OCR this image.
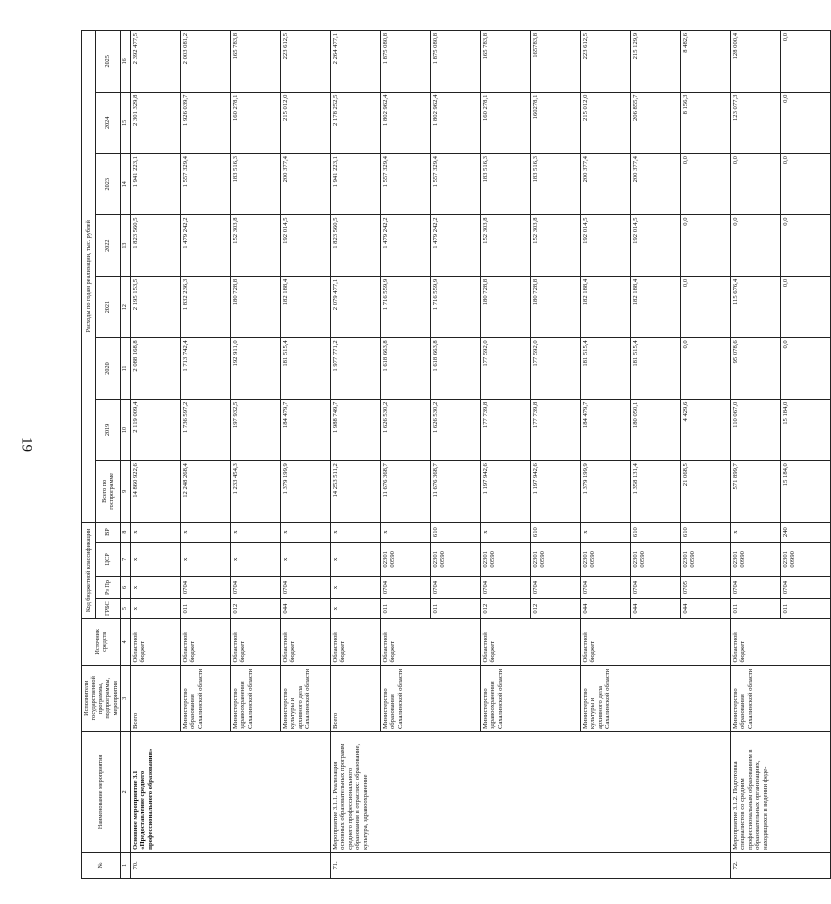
19
№	Наименование мероприятия	Исполнители государственной программы, подпрограммы, мероприятия	Источник средств	Код бюджетной классификации				Расходы по годам реализации, тыс. рублей							
				ГРБС	Рз Пр	ЦСР	ВР	Всего по госпрограмме	2019	2020	2021	2022	2023	2024	2025
1	2	3	4	5	6	7	8	9	10	11	12	13	14	15	16
70.	Основное мероприятие 3.1 «Предоставление среднего профессионального образования»	Всего	Областной бюджет	х	х	х	х	14 860 922,6	2 119 009,4	2 088 168,8	2 195 153,5	1 823 560,5	1 941 223,1	2 301 329,8	2 392 477,5
		Министерство образования Сахалинской области	Областной бюджет	011	0704	х	х	12 248 268,4	1 736 597,2	1 713 742,4	1 832 236,3	1 479 242,2	1 557 329,4	1 926 039,7	2 003 081,2
		Министерство здравоохранения Сахалинской области	Областной бюджет	012	0704	х	х	1 233 454,3	197 932,5	192 911,0	180 728,8	152 303,8	183 516,3	160 278,1	165 783,8
		Министерство культуры и архивного дела Сахалинской области	Областной бюджет	044	0704	х	х	1 379 199,9	184 479,7	181 515,4	182 188,4	192 014,5	200 377,4	215 012,0	223 612,5
71.	Мероприятие 3.1.1. Реализация основных образовательных программ среднего профессионального образования в отраслях: образование, культура, здравоохранение	Всего	Областной бюджет	х	х	х	х	14 253 511,2	1 988 749,7	1 977 771,2	2 079 477,1	1 823 560,5	1 941 223,1	2 178 252,5	2 264 477,1
		Министерство образования Сахалинской области	Областной бюджет	011	0704	02301 00590	х	11 676 368,7	1 626 530,2	1 618 663,8	1 716 559,9	1 479 242,2	1 557 329,4	1 802 962,4	1 875 080,8
				011	0704	02301 00590	610	11 676 368,7	1 626 530,2	1 618 663,8	1 716 559,9	1 479 242,2	1 557 329,4	1 802 962,4	1 875 080,8
		Министерство здравоохранения Сахалинской области	Областной бюджет	012	0704	02301 00590	х	1 197 942,6	177 739,8	177 592,0	180 728,8	152 303,8	183 516,3	160 278,1	165 783,8
				012	0704	02301 00590	610	1 197 942,6	177 739,8	177 592,0	180 728,8	152 303,8	183 516,3	160278,1	165783,8
		Министерство культуры и архивного дела Сахалинской области	Областной бюджет	044	0704	02301 00590	х	1 379 199,9	184 479,7	181 515,4	182 188,4	192 014,5	200 377,4	215 012,0	223 612,5
				044	0704	02301 00590	610	1 358 131,4	180 050,1	181 515,4	182 188,4	192 014,5	200 377,4	206 855,7	215 129,9
				044	0705	02301 00590	610	21 068,5	4 429,6	0,0	0,0	0,0	0,0	8 156,3	8 482,6
72.	Мероприятие 3.1.2. Подготовка специалистов со средним профессиональным образованием в образовательных организациях, находящихся в ведении феде-	Министерство образования Сахалинской области	Областной бюджет	011	0704	02301 00990	х	571 899,7	110 067,0	95 078,6	115 676,4	0,0	0,0	123 077,3	128 000,4
				011	0704	02301 00990	240	15 184,0	15 184,0	0,0	0,0	0,0	0,0	0,0	0,0
